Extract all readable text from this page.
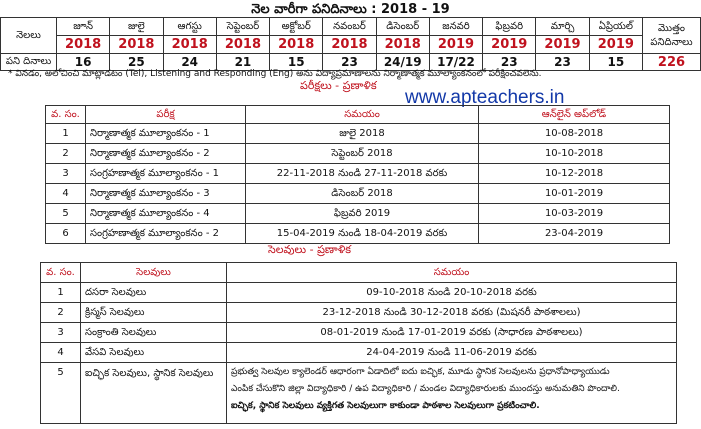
నెల వారీగా పనిదినాలు : 2018 - 19
నెలలు	జూన్	జులై	ఆగస్టు	సెప్టెంబర్	అక్టోబర్	నవంబర్	డిసెంబర్	జనవరి	ఫిబ్రవరి	మార్చి	ఏప్రియల్	మొత్తం పనిదినాలు
	2018	2018	2018	2018	2018	2018	2018	2019	2019	2019	2019	
పని దినాలు	16	25	24	21	15	23	24/19	17/22	23	23	15	226
* వినడం, అలోచించి మాట్లాడటం (Tel), Listening and Responding (Eng) అను విద్యాప్రమాణాలను నిర్మాణాత్మక మూల్యాంకనంలో పరీక్షించవలెను.
పరీక్షలు - ప్రణాళిక
www.apteachers.in
వ. సం.	పరీక్ష	సమయం	ఆన్‌లైన్ అప్‌లోడ్
1	నిర్మాణాత్మక మూల్యాంకనం - 1	జులై 2018	10-08-2018
2	నిర్మాణాత్మక మూల్యాంకనం - 2	సెప్టెంబర్ 2018	10-10-2018
3	సంగ్రహణాత్మక మూల్యాంకనం - 1	22-11-2018 నుండి 27-11-2018 వరకు	10-12-2018
4	నిర్మాణాత్మక మూల్యాంకనం - 3	డిసెంబర్ 2018	10-01-2019
5	నిర్మాణాత్మక మూల్యాంకనం - 4	ఫిబ్రవరి 2019	10-03-2019
6	సంగ్రహణాత్మక మూల్యాంకనం - 2	15-04-2019 నుండి 18-04-2019 వరకు	23-04-2019
సెలవులు - ప్రణాళిక
వ. సం.	సెలవులు	సమయం
1	దసరా సెలవులు	09-10-2018 నుండి 20-10-2018 వరకు
2	క్రిస్మస్ సెలవులు	23-12-2018 నుండి 30-12-2018 వరకు (మిషనరీ పాఠశాలలు)
3	సంక్రాంతి సెలవులు	08-01-2019 నుండి 17-01-2019 వరకు (సాధారణ పాఠశాలలు)
4	వేసవి సెలవులు	24-04-2019 నుండి 11-06-2019 వరకు
5	ఐచ్ఛిక సెలవులు, స్థానిక సెలవులు	ప్రభుత్వ సెలవుల క్యాలెండర్ ఆధారంగా ఏడాదిలో ఐదు ఐచ్ఛిక, మూడు స్థానిక సెలవులను ప్రధానోపాధ్యాయుడు
ఎంపిక చేసుకొని జిల్లా విద్యాధికారి / ఉప విద్యాధికారి / మండల విద్యాధికారులకు ముందస్తు అనుమతిని పొందాలి.
ఐచ్ఛిక, స్థానిక సెలవులు వ్యక్తిగత సెలవులుగా కాకుండా పాఠశాల సెలవులుగా ప్రకటించాలి.
